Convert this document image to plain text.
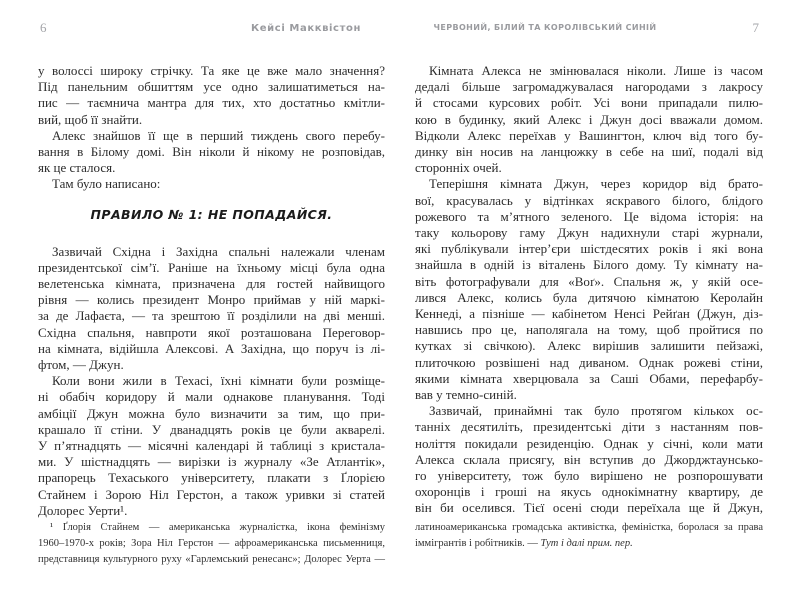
6	Кейсі Макквістон
у волоссі широку стрічку. Та яке це вже мало значення?
Під панельним обшиттям усе одно залишатиметься на-
пис — таємнича мантра для тих, хто достатньо кмітли-
вий, щоб її знайти.
Алекс знайшов її ще в перший тиждень свого перебу-
вання в Білому домі. Він ніколи й нікому не розповідав,
як це сталося.
Там було написано:
ПРАВИЛО № 1: НЕ ПОПАДАЙСЯ.
Зазвичай Східна і Західна спальні належали членам
президентської сім’ї. Раніше на їхньому місці була одна
велетенська кімната, призначена для гостей найвищого
рівня — колись президент Монро приймав у ній маркі-
за де Лафаєта, — та зрештою її розділили на дві менші.
Східна спальня, навпроти якої розташована Переговор-
на кімната, відійшла Алексові. А Західна, що поруч із лі-
фтом, — Джун.
Коли вони жили в Техасі, їхні кімнати були розміще-
ні обабіч коридору й мали однакове планування. Тоді
амбіції Джун можна було визначити за тим, що при-
крашало її стіни. У дванадцять років це були акварелі.
У п’ятнадцять — місячні календарі й таблиці з кристала-
ми. У шістнадцять — вирізки із журналу «Зе Атлантік»,
прапорець Техаського університету, плакати з Ґлорією
Стайнем і Зорою Ніл Герстон, а також уривки зі статей
Долорес Уерти¹.
¹ Ґлорія Стайнем — американська журналістка, ікона фемінізму
1960–1970-х років; Зора Ніл Герстон — афроамериканська письменниця,
представниця культурного руху «Гарлемський ренесанс»; Долорес Уерта —
ЧЕРВОНИЙ, БІЛИЙ ТА КОРОЛІВСЬКИЙ СИНІЙ	7
Кімната Алекса не змінювалася ніколи. Лише із часом
дедалі більше загромаджувалася нагородами з лакросу
й стосами курсових робіт. Усі вони припадали пилю-
кою в будинку, який Алекс і Джун досі вважали домом.
Відколи Алекс переїхав у Вашингтон, ключ від того бу-
динку він носив на ланцюжку в себе на шиї, подалі від
сторонніх очей.
Теперішня кімната Джун, через коридор від брато-
вої, красувалась у відтінках яскравого білого, блідого
рожевого та м’ятного зеленого. Це відома історія: на
таку кольорову гаму Джун надихнули старі журнали,
які публікували інтер’єри шістдесятих років і які вона
знайшла в одній із віталень Білого дому. Ту кімнату на-
віть фотографували для «Воґ». Спальня ж, у якій осе-
лився Алекс, колись була дитячою кімнатою Керолайн
Кеннеді, а пізніше — кабінетом Ненсі Рейґан (Джун, діз-
навшись про це, наполягала на тому, щоб пройтися по
кутках зі свічкою). Алекс вирішив залишити пейзажі,
плиточкою розвішені над диваном. Однак рожеві стіни,
якими кімната хверцювала за Саші Обами, перефарбу-
вав у темно-синій.
Зазвичай, принаймні так було протягом кількох ос-
танніх десятиліть, президентські діти з настанням пов-
ноліття покидали резиденцію. Однак у січні, коли мати
Алекса склала присягу, він вступив до Джорджтаунсько-
го університету, тож було вирішено не розпорошувати
охоронців і гроші на якусь однокімнатну квартиру, де
він би оселився. Тієї осені сюди переїхала ще й Джун,
латиноамериканська громадська активістка, феміністка, боролася за права
іммігрантів і робітників. — Тут і далі прим. пер.
